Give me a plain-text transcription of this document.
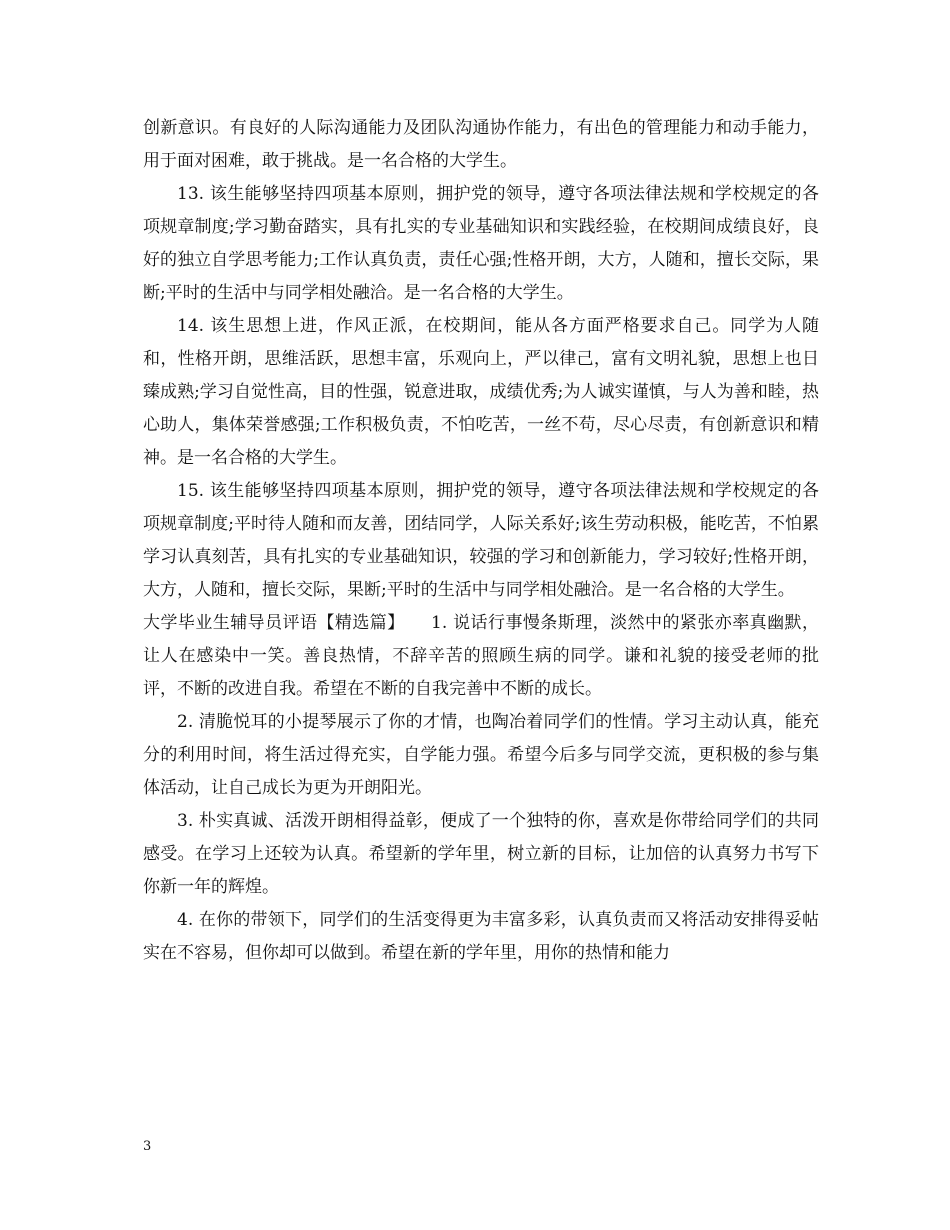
创新意识。有良好的人际沟通能力及团队沟通协作能力，有出色的管理能力和动手能力，用于面对困难，敢于挑战。是一名合格的大学生。

13. 该生能够坚持四项基本原则，拥护党的领导，遵守各项法律法规和学校规定的各项规章制度;学习勤奋踏实，具有扎实的专业基础知识和实践经验，在校期间成绩良好，良好的独立自学思考能力;工作认真负责，责任心强;性格开朗，大方，人随和，擅长交际，果断;平时的生活中与同学相处融洽。是一名合格的大学生。

14. 该生思想上进，作风正派，在校期间，能从各方面严格要求自己。同学为人随和，性格开朗，思维活跃，思想丰富，乐观向上，严以律己，富有文明礼貌，思想上也日臻成熟;学习自觉性高，目的性强，锐意进取，成绩优秀;为人诚实谨慎，与人为善和睦，热心助人，集体荣誉感强;工作积极负责，不怕吃苦，一丝不苟，尽心尽责，有创新意识和精神。是一名合格的大学生。

15. 该生能够坚持四项基本原则，拥护党的领导，遵守各项法律法规和学校规定的各项规章制度;平时待人随和而友善，团结同学，人际关系好;该生劳动积极，能吃苦，不怕累学习认真刻苦，具有扎实的专业基础知识，较强的学习和创新能力，学习较好;性格开朗，大方，人随和，擅长交际，果断;平时的生活中与同学相处融洽。是一名合格的大学生。

大学毕业生辅导员评语【精选篇】　　1. 说话行事慢条斯理，淡然中的紧张亦率真幽默，让人在感染中一笑。善良热情，不辞辛苦的照顾生病的同学。谦和礼貌的接受老师的批评，不断的改进自我。希望在不断的自我完善中不断的成长。

2. 清脆悦耳的小提琴展示了你的才情，也陶冶着同学们的性情。学习主动认真，能充分的利用时间，将生活过得充实，自学能力强。希望今后多与同学交流，更积极的参与集体活动，让自己成长为更为开朗阳光。

3. 朴实真诚、活泼开朗相得益彰，便成了一个独特的你，喜欢是你带给同学们的共同感受。在学习上还较为认真。希望新的学年里，树立新的目标，让加倍的认真努力书写下你新一年的辉煌。

4. 在你的带领下，同学们的生活变得更为丰富多彩，认真负责而又将活动安排得妥帖实在不容易，但你却可以做到。希望在新的学年里，用你的热情和能力

3
